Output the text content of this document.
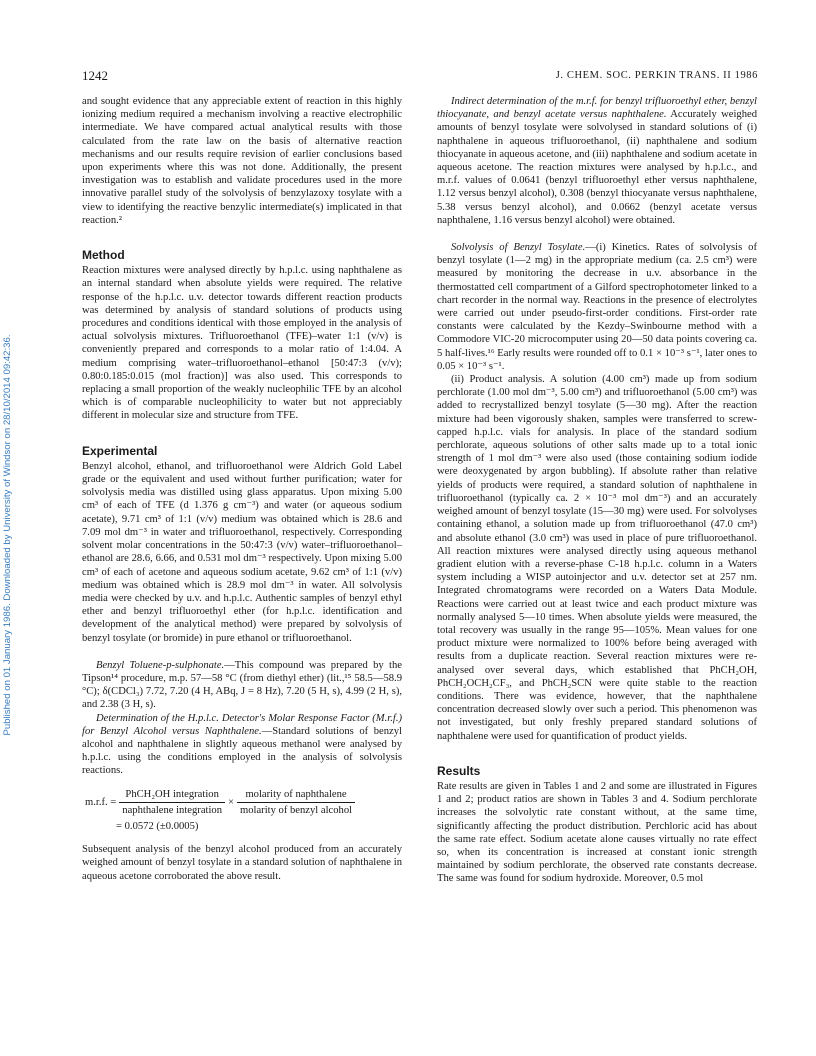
Published on 01 January 1986. Downloaded by University of Windsor on 28/10/2014 09:42:36.
1242	J. CHEM. SOC. PERKIN TRANS. II 1986

and sought evidence that any appreciable extent of reaction in this highly ionizing medium required a mechanism involving a reactive electrophilic intermediate. We have compared actual analytical results with those calculated from the rate law on the basis of alternative reaction mechanisms and our results require revision of earlier conclusions based upon experiments where this was not done. Additionally, the present investigation was to establish and validate procedures used in the more innovative parallel study of the solvolysis of benzylazoxy tosylate with a view to identifying the reactive benzylic intermediate(s) implicated in that reaction.²

Method

Reaction mixtures were analysed directly by h.p.l.c. using naphthalene as an internal standard when absolute yields were required. The relative response of the h.p.l.c. u.v. detector towards different reaction products was determined by analysis of standard solutions of products using procedures and conditions identical with those employed in the analysis of actual solvolysis mixtures. Trifluoroethanol (TFE)–water 1:1 (v/v) is conveniently prepared and corresponds to a molar ratio of 1:4.04. A medium comprising water–trifluoroethanol–ethanol [50:47:3 (v/v); 0.80:0.185:0.015 (mol fraction)] was also used. This corresponds to replacing a small proportion of the weakly nucleophilic TFE by an alcohol which is of comparable nucleophilicity to water but not appreciably different in molecular size and structure from TFE.

Experimental

Benzyl alcohol, ethanol, and trifluoroethanol were Aldrich Gold Label grade or the equivalent and used without further purification; water for solvolysis media was distilled using glass apparatus. Upon mixing 5.00 cm³ of each of TFE (d 1.376 g cm⁻³) and water (or aqueous sodium acetate), 9.71 cm³ of 1:1 (v/v) medium was obtained which is 28.6 and 7.09 mol dm⁻³ in water and trifluoroethanol, respectively. Corresponding solvent molar concentrations in the 50:47:3 (v/v) water–trifluoroethanol–ethanol are 28.6, 6.66, and 0.531 mol dm⁻³ respectively. Upon mixing 5.00 cm³ of each of acetone and aqueous sodium acetate, 9.62 cm³ of 1:1 (v/v) medium was obtained which is 28.9 mol dm⁻³ in water. All solvolysis media were checked by u.v. and h.p.l.c. Authentic samples of benzyl ethyl ether and benzyl trifluoroethyl ether (for h.p.l.c. identification and development of the analytical method) were prepared by solvolysis of benzyl tosylate (or bromide) in pure ethanol or trifluoroethanol.

Benzyl Toluene-p-sulphonate.—This compound was prepared by the Tipson¹⁴ procedure, m.p. 57—58 °C (from diethyl ether) (lit.,¹⁵ 58.5—58.9 °C); δ(CDCl₃) 7.72, 7.20 (4 H, ABq, J = 8 Hz), 7.20 (5 H, s), 4.99 (2 H, s), and 2.38 (3 H, s).

Determination of the H.p.l.c. Detector's Molar Response Factor (M.r.f.) for Benzyl Alcohol versus Naphthalene.—Standard solutions of benzyl alcohol and naphthalene in slightly aqueous methanol were analysed by h.p.l.c. using the conditions employed in the analysis of solvolysis reactions.

m.r.f. =	PhCH₂OH integration	×	molarity of naphthalene
	naphthalene integration		molarity of benzyl alcohol
= 0.0572 (±0.0005)

Subsequent analysis of the benzyl alcohol produced from an accurately weighed amount of benzyl tosylate in a standard solution of naphthalene in aqueous acetone corroborated the above result.

Indirect determination of the m.r.f. for benzyl trifluoroethyl ether, benzyl thiocyanate, and benzyl acetate versus naphthalene. Accurately weighed amounts of benzyl tosylate were solvolysed in standard solutions of (i) naphthalene in aqueous trifluoroethanol, (ii) naphthalene and sodium thiocyanate in aqueous acetone, and (iii) naphthalene and sodium acetate in aqueous acetone. The reaction mixtures were analysed by h.p.l.c., and m.r.f. values of 0.0641 (benzyl trifluoroethyl ether versus naphthalene, 1.12 versus benzyl alcohol), 0.308 (benzyl thiocyanate versus naphthalene, 5.38 versus benzyl alcohol), and 0.0662 (benzyl acetate versus naphthalene, 1.16 versus benzyl alcohol) were obtained.

Solvolysis of Benzyl Tosylate.—(i) Kinetics. Rates of solvolysis of benzyl tosylate (1—2 mg) in the appropriate medium (ca. 2.5 cm³) were measured by monitoring the decrease in u.v. absorbance in the thermostatted cell compartment of a Gilford spectrophotometer linked to a chart recorder in the normal way. Reactions in the presence of electrolytes were carried out under pseudo-first-order conditions. First-order rate constants were calculated by the Kezdy–Swinbourne method with a Commodore VIC-20 microcomputer using 20—50 data points covering ca. 5 half-lives.¹⁶ Early results were rounded off to 0.1 × 10⁻³ s⁻¹, later ones to 0.05 × 10⁻³ s⁻¹.

(ii) Product analysis. A solution (4.00 cm³) made up from sodium perchlorate (1.00 mol dm⁻³, 5.00 cm³) and trifluoroethanol (5.00 cm³) was added to recrystallized benzyl tosylate (5—30 mg). After the reaction mixture had been vigorously shaken, samples were transferred to screw-capped h.p.l.c. vials for analysis. In place of the standard sodium perchlorate, aqueous solutions of other salts made up to a total ionic strength of 1 mol dm⁻³ were also used (those containing sodium iodide were deoxygenated by argon bubbling). If absolute rather than relative yields of products were required, a standard solution of naphthalene in trifluoroethanol (typically ca. 2 × 10⁻³ mol dm⁻³) and an accurately weighed amount of benzyl tosylate (15—30 mg) were used. For solvolyses containing ethanol, a solution made up from trifluoroethanol (47.0 cm³) and absolute ethanol (3.0 cm³) was used in place of pure trifluoroethanol. All reaction mixtures were analysed directly using aqueous methanol gradient elution with a reverse-phase C-18 h.p.l.c. column in a Waters system including a WISP autoinjector and u.v. detector set at 257 nm. Integrated chromatograms were recorded on a Waters Data Module. Reactions were carried out at least twice and each product mixture was normally analysed 5—10 times. When absolute yields were measured, the total recovery was usually in the range 95—105%. Mean values for one product mixture were normalized to 100% before being averaged with results from a duplicate reaction. Several reaction mixtures were re-analysed over several days, which established that PhCH₂OH, PhCH₂OCH₂CF₃, and PhCH₂SCN were quite stable to the reaction conditions. There was evidence, however, that the naphthalene concentration decreased slowly over such a period. This phenomenon was not investigated, but only freshly prepared standard solutions of naphthalene were used for quantification of product yields.

Results

Rate results are given in Tables 1 and 2 and some are illustrated in Figures 1 and 2; product ratios are shown in Tables 3 and 4. Sodium perchlorate increases the solvolytic rate constant without, at the same time, significantly affecting the product distribution. Perchloric acid has about the same rate effect. Sodium acetate alone causes virtually no rate effect so, when its concentration is increased at constant ionic strength maintained by sodium perchlorate, the observed rate constants decrease. The same was found for sodium hydroxide. Moreover, 0.5 mol
